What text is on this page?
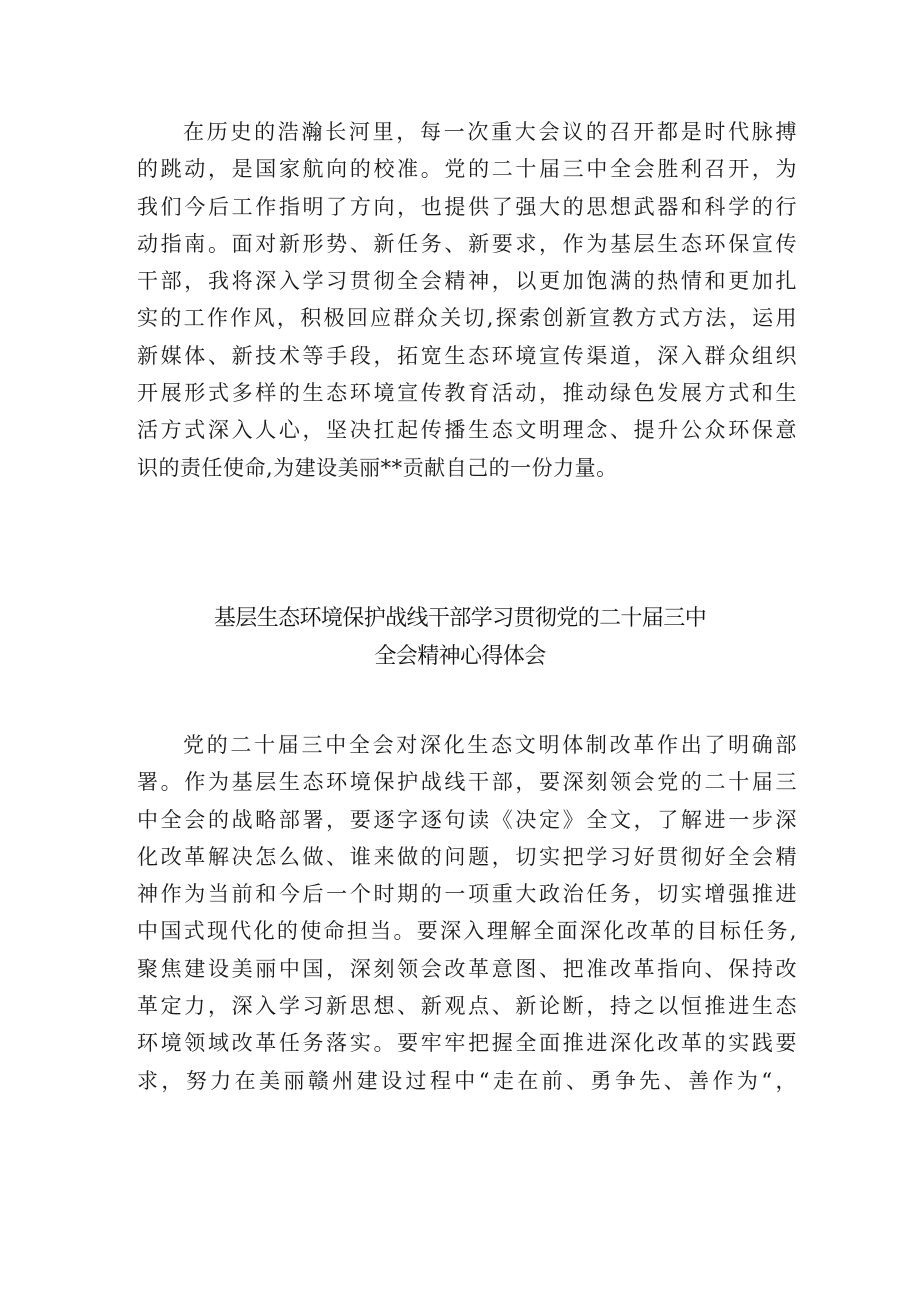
在历史的浩瀚长河里，每一次重大会议的召开都是时代脉搏
的跳动，是国家航向的校准。党的二十届三中全会胜利召开，为
我们今后工作指明了方向，也提供了强大的思想武器和科学的行
动指南。面对新形势、新任务、新要求，作为基层生态环保宣传
干部，我将深入学习贯彻全会精神，以更加饱满的热情和更加扎
实的工作作风，积极回应群众关切,探索创新宣教方式方法，运用
新媒体、新技术等手段，拓宽生态环境宣传渠道，深入群众组织
开展形式多样的生态环境宣传教育活动，推动绿色发展方式和生
活方式深入人心，坚决扛起传播生态文明理念、提升公众环保意
识的责任使命,为建设美丽**贡献自己的一份力量。
基层生态环境保护战线干部学习贯彻党的二十届三中
全会精神心得体会
党的二十届三中全会对深化生态文明体制改革作出了明确部
署。作为基层生态环境保护战线干部，要深刻领会党的二十届三
中全会的战略部署，要逐字逐句读《决定》全文，了解进一步深
化改革解决怎么做、谁来做的问题，切实把学习好贯彻好全会精
神作为当前和今后一个时期的一项重大政治任务，切实增强推进
中国式现代化的使命担当。要深入理解全面深化改革的目标任务,
聚焦建设美丽中国，深刻领会改革意图、把准改革指向、保持改
革定力，深入学习新思想、新观点、新论断，持之以恒推进生态
环境领域改革任务落实。要牢牢把握全面推进深化改革的实践要
求，努力在美丽赣州建设过程中“走在前、勇争先、善作为“，
